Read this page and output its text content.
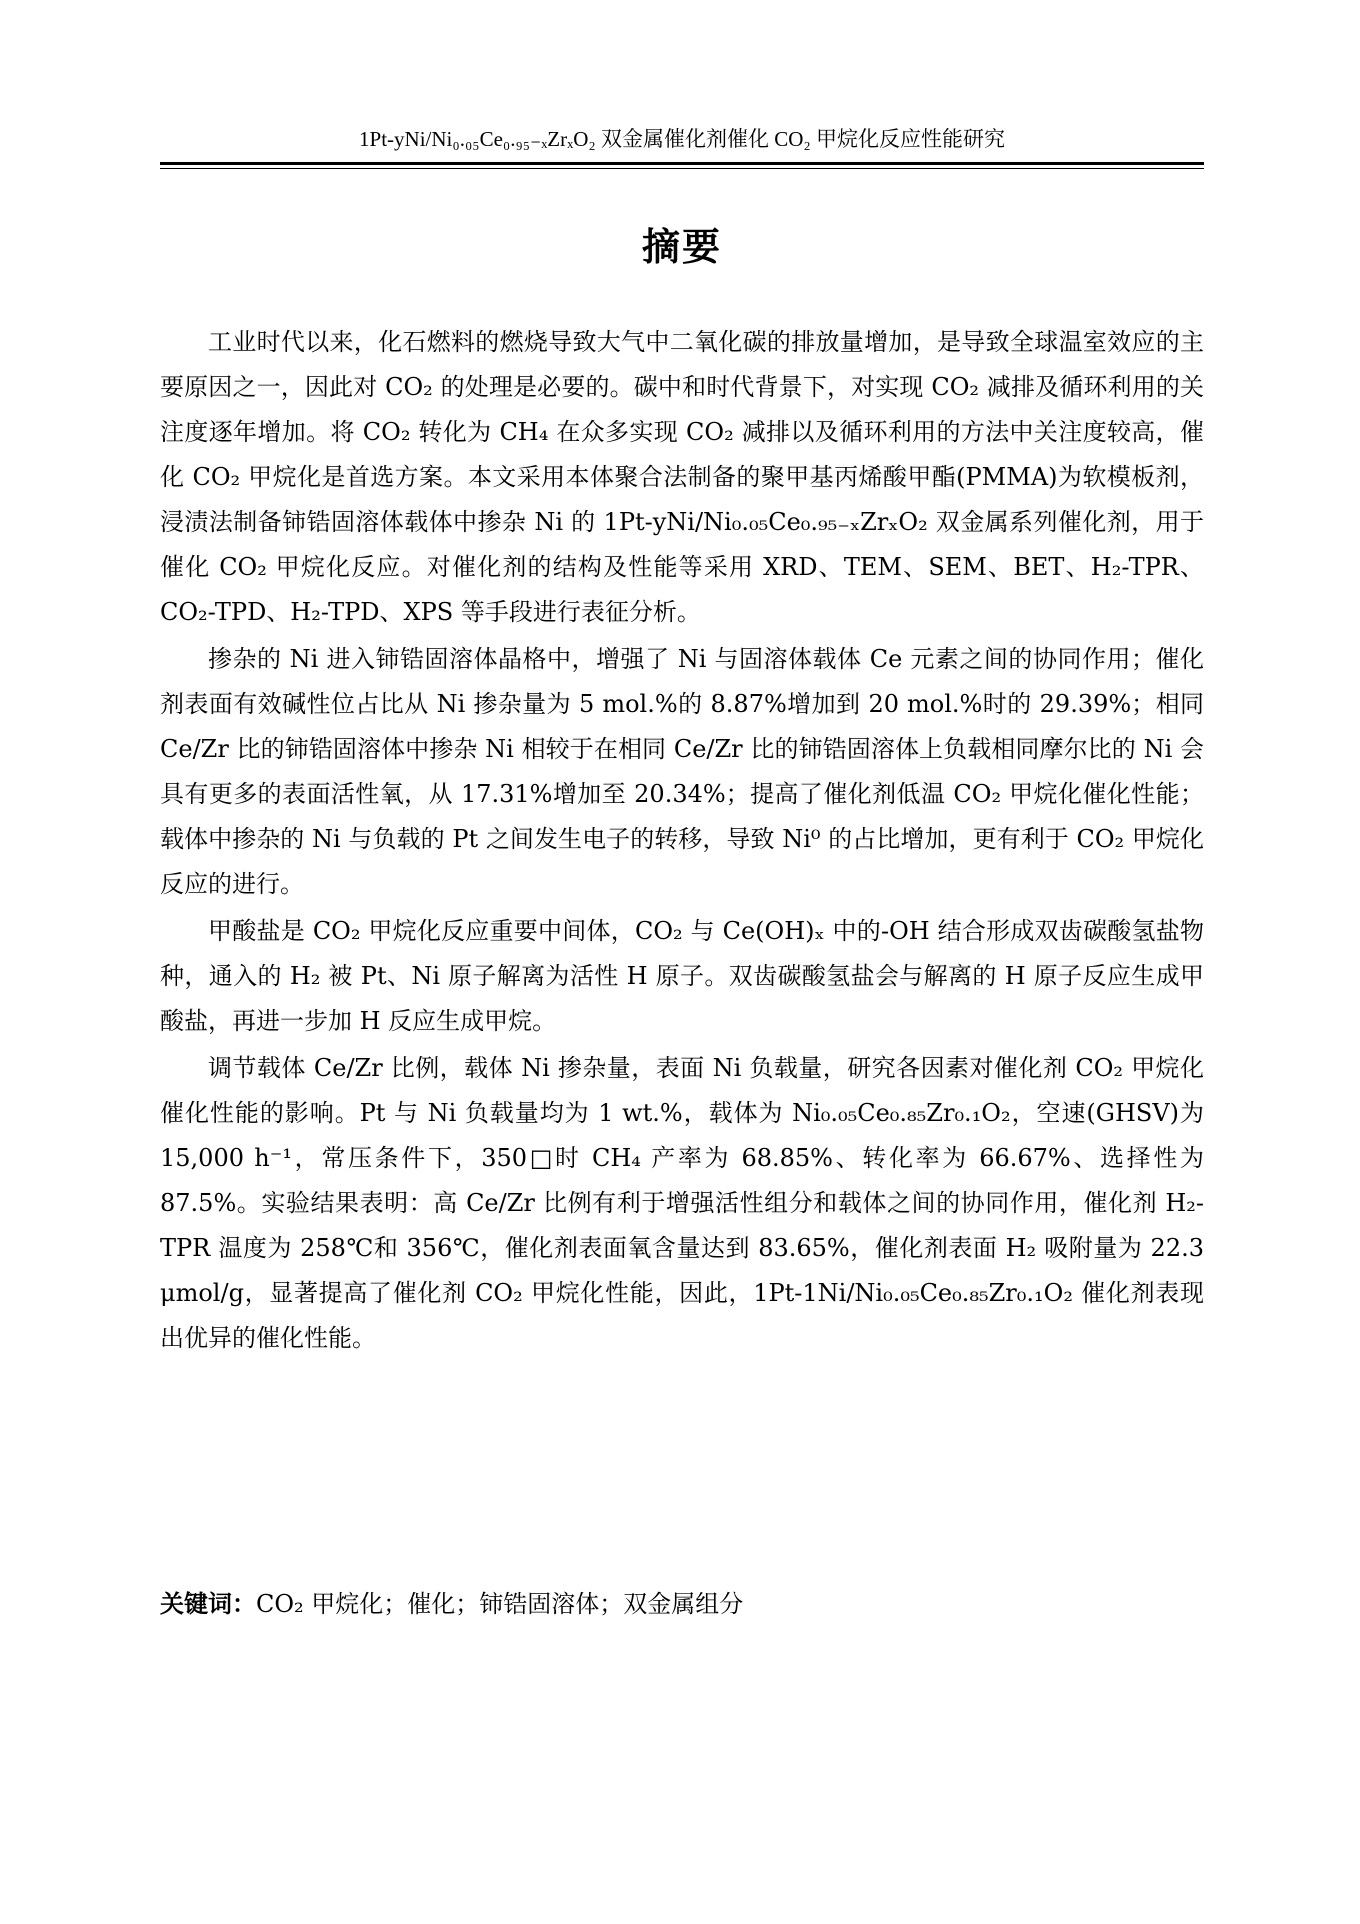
1Pt-yNi/Ni₀.₀₅Ce₀.₉₅₋ₓZrₓO₂ 双金属催化剂催化 CO₂ 甲烷化反应性能研究
摘要

工业时代以来，化石燃料的燃烧导致大气中二氧化碳的排放量增加，是导致全球温室效应的主要原因之一，因此对 CO₂ 的处理是必要的。碳中和时代背景下，对实现 CO₂ 减排及循环利用的关注度逐年增加。将 CO₂ 转化为 CH₄ 在众多实现 CO₂ 减排以及循环利用的方法中关注度较高，催化 CO₂ 甲烷化是首选方案。本文采用本体聚合法制备的聚甲基丙烯酸甲酯(PMMA)为软模板剂，浸渍法制备铈锆固溶体载体中掺杂 Ni 的 1Pt-yNi/Ni₀.₀₅Ce₀.₉₅₋ₓZrₓO₂ 双金属系列催化剂，用于催化 CO₂ 甲烷化反应。对催化剂的结构及性能等采用 XRD、TEM、SEM、BET、H₂-TPR、CO₂-TPD、H₂-TPD、XPS 等手段进行表征分析。

掺杂的 Ni 进入铈锆固溶体晶格中，增强了 Ni 与固溶体载体 Ce 元素之间的协同作用；催化剂表面有效碱性位占比从 Ni 掺杂量为 5 mol.%的 8.87%增加到 20 mol.%时的 29.39%；相同 Ce/Zr 比的铈锆固溶体中掺杂 Ni 相较于在相同 Ce/Zr 比的铈锆固溶体上负载相同摩尔比的 Ni 会具有更多的表面活性氧，从 17.31%增加至 20.34%；提高了催化剂低温 CO₂ 甲烷化催化性能；载体中掺杂的 Ni 与负载的 Pt 之间发生电子的转移，导致 Ni⁰ 的占比增加，更有利于 CO₂ 甲烷化反应的进行。

甲酸盐是 CO₂ 甲烷化反应重要中间体，CO₂ 与 Ce(OH)ₓ 中的-OH 结合形成双齿碳酸氢盐物种，通入的 H₂ 被 Pt、Ni 原子解离为活性 H 原子。双齿碳酸氢盐会与解离的 H 原子反应生成甲酸盐，再进一步加 H 反应生成甲烷。

调节载体 Ce/Zr 比例，载体 Ni 掺杂量，表面 Ni 负载量，研究各因素对催化剂 CO₂ 甲烷化催化性能的影响。Pt 与 Ni 负载量均为 1 wt.%，载体为 Ni₀.₀₅Ce₀.₈₅Zr₀.₁O₂，空速(GHSV)为 15,000 h⁻¹，常压条件下，350□时 CH₄ 产率为 68.85%、转化率为 66.67%、选择性为 87.5%。实验结果表明：高 Ce/Zr 比例有利于增强活性组分和载体之间的协同作用，催化剂 H₂-TPR 温度为 258℃和 356℃，催化剂表面氧含量达到 83.65%，催化剂表面 H₂ 吸附量为 22.3 μmol/g，显著提高了催化剂 CO₂ 甲烷化性能，因此，1Pt-1Ni/Ni₀.₀₅Ce₀.₈₅Zr₀.₁O₂ 催化剂表现出优异的催化性能。

关键词：CO₂ 甲烷化；催化；铈锆固溶体；双金属组分
